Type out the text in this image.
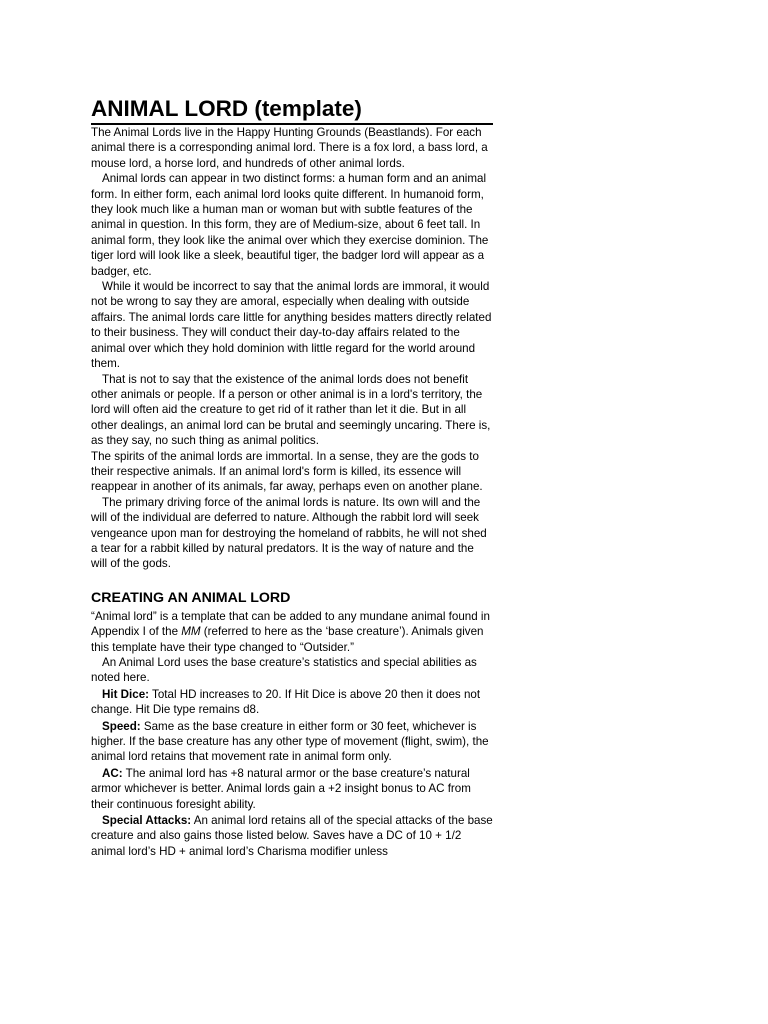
ANIMAL LORD (template)

The Animal Lords live in the Happy Hunting Grounds (Beastlands). For each animal there is a corresponding animal lord. There is a fox lord, a bass lord, a mouse lord, a horse lord, and hundreds of other animal lords.

Animal lords can appear in two distinct forms: a human form and an animal form. In either form, each animal lord looks quite different. In humanoid form, they look much like a human man or woman but with subtle features of the animal in question. In this form, they are of Medium-size, about 6 feet tall. In animal form, they look like the animal over which they exercise dominion. The tiger lord will look like a sleek, beautiful tiger, the badger lord will appear as a badger, etc.

While it would be incorrect to say that the animal lords are immoral, it would not be wrong to say they are amoral, especially when dealing with outside affairs. The animal lords care little for anything besides matters directly related to their business. They will conduct their day-to-day affairs related to the animal over which they hold dominion with little regard for the world around them.

That is not to say that the existence of the animal lords does not benefit other animals or people. If a person or other animal is in a lord's territory, the lord will often aid the creature to get rid of it rather than let it die. But in all other dealings, an animal lord can be brutal and seemingly uncaring. There is, as they say, no such thing as animal politics.

The spirits of the animal lords are immortal. In a sense, they are the gods to their respective animals. If an animal lord's form is killed, its essence will reappear in another of its animals, far away, perhaps even on another plane.

The primary driving force of the animal lords is nature. Its own will and the will of the individual are deferred to nature. Although the rabbit lord will seek vengeance upon man for destroying the homeland of rabbits, he will not shed a tear for a rabbit killed by natural predators. It is the way of nature and the will of the gods.

CREATING AN ANIMAL LORD

“Animal lord” is a template that can be added to any mundane animal found in Appendix I of the MM (referred to here as the ‘base creature’). Animals given this template have their type changed to “Outsider.”

An Animal Lord uses the base creature’s statistics and special abilities as noted here.

Hit Dice: Total HD increases to 20. If Hit Dice is above 20 then it does not change. Hit Die type remains d8.

Speed: Same as the base creature in either form or 30 feet, whichever is higher. If the base creature has any other type of movement (flight, swim), the animal lord retains that movement rate in animal form only.

AC: The animal lord has +8 natural armor or the base creature’s natural armor whichever is better. Animal lords gain a +2 insight bonus to AC from their continuous foresight ability.

Special Attacks: An animal lord retains all of the special attacks of the base creature and also gains those listed below. Saves have a DC of 10 + 1/2 animal lord’s HD + animal lord’s Charisma modifier unless
